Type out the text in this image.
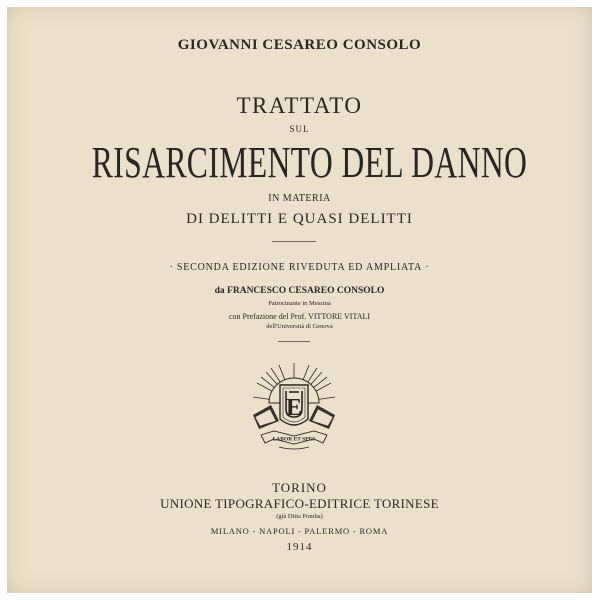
GIOVANNI CESAREO CONSOLO
TRATTATO
SUL
RISARCIMENTO DEL DANNO
IN MATERIA
DI DELITTI E QUASI DELITTI
· SECONDA EDIZIONE RIVEDUTA ED AMPLIATA ·
da FRANCESCO CESAREO CONSOLO
Patrocinante in Messina
con Prefazione del Prof. VITTORE VITALI
dell'Università di Genova
E
LABOR ET SPES
TORINO
UNIONE TIPOGRAFICO-EDITRICE TORINESE
(già Ditta Pomba)
MILANO - NAPOLI - PALERMO - ROMA
1914
